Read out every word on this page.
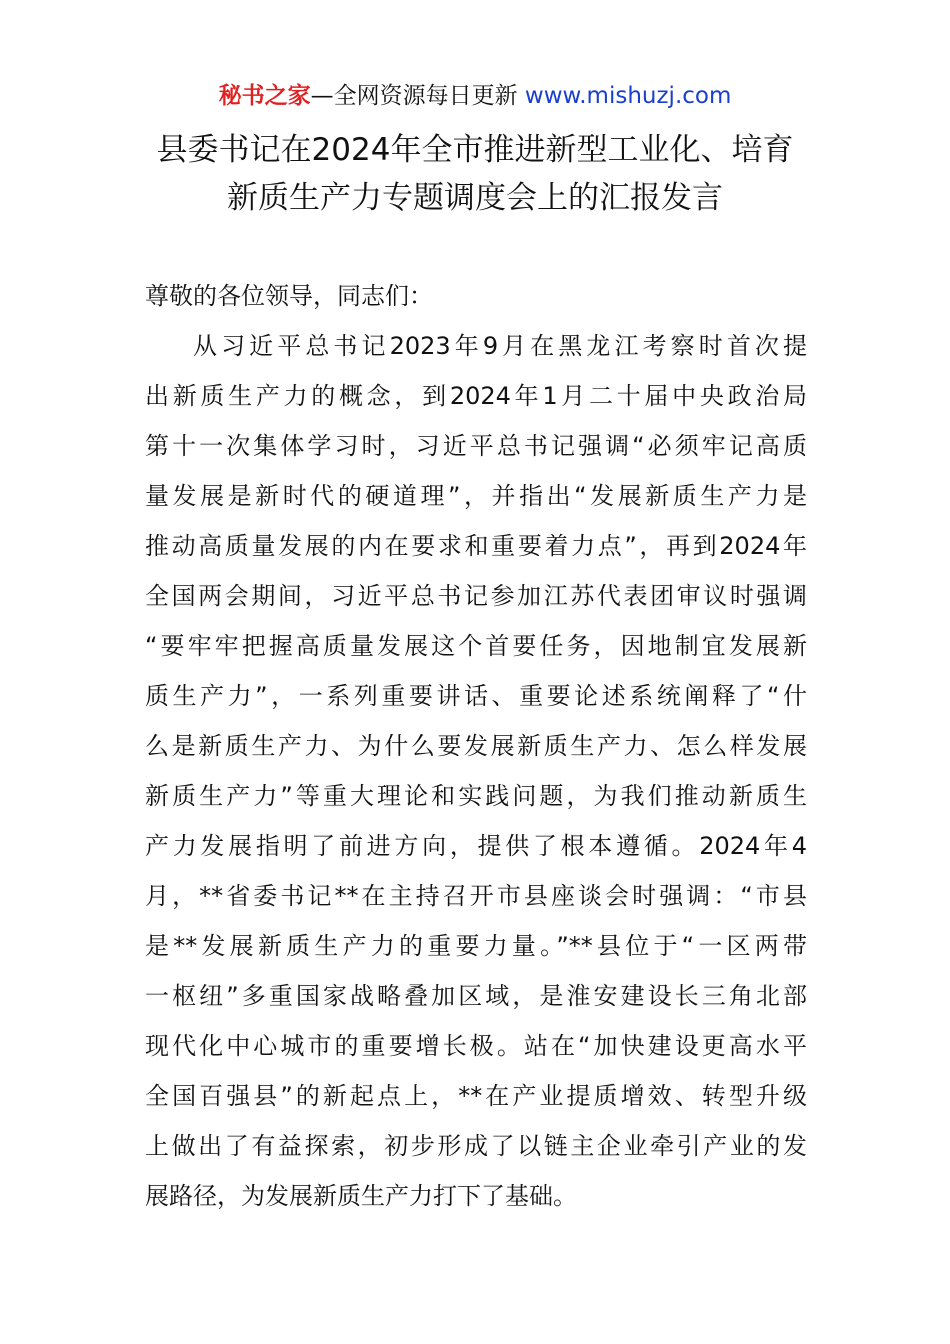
秘书之家—全网资源每日更新 www.mishuzj.com
县委书记在2024年全市推进新型工业化、培育
新质生产力专题调度会上的汇报发言
尊敬的各位领导，同志们：
从习近平总书记2023年9月在黑龙江考察时首次提
出新质生产力的概念，到2024年1月二十届中央政治局
第十一次集体学习时，习近平总书记强调“必须牢记高质
量发展是新时代的硬道理”，并指出“发展新质生产力是
推动高质量发展的内在要求和重要着力点”，再到2024年
全国两会期间，习近平总书记参加江苏代表团审议时强调
“要牢牢把握高质量发展这个首要任务，因地制宜发展新
质生产力”，一系列重要讲话、重要论述系统阐释了“什
么是新质生产力、为什么要发展新质生产力、怎么样发展
新质生产力”等重大理论和实践问题，为我们推动新质生
产力发展指明了前进方向，提供了根本遵循。2024年4
月，**省委书记**在主持召开市县座谈会时强调：“市县
是**发展新质生产力的重要力量。”**县位于“一区两带
一枢纽”多重国家战略叠加区域，是淮安建设长三角北部
现代化中心城市的重要增长极。站在“加快建设更高水平
全国百强县”的新起点上，**在产业提质增效、转型升级
上做出了有益探索，初步形成了以链主企业牵引产业的发
展路径，为发展新质生产力打下了基础。
